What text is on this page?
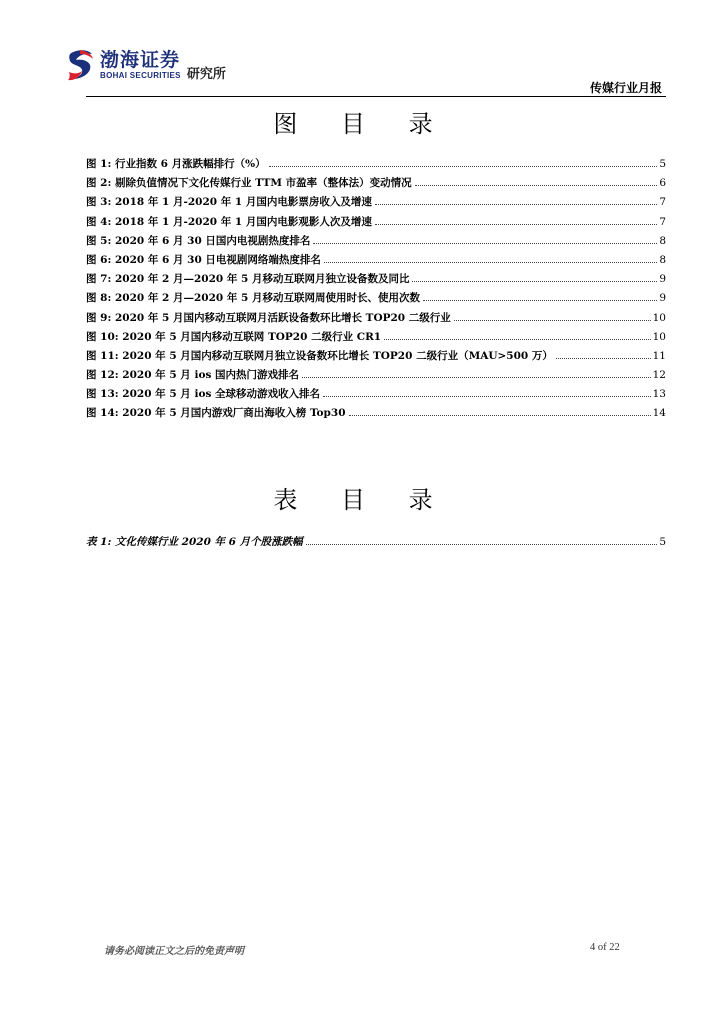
渤海证券
BOHAI SECURITIES 研究所
传媒行业月报
图 目 录
图 1: 行业指数 6 月涨跌幅排行（%）	5
图 2: 剔除负值情况下文化传媒行业 TTM 市盈率（整体法）变动情况	6
图 3: 2018 年 1 月-2020 年 1 月国内电影票房收入及增速	7
图 4: 2018 年 1 月-2020 年 1 月国内电影观影人次及增速	7
图 5: 2020 年 6 月 30 日国内电视剧热度排名	8
图 6: 2020 年 6 月 30 日电视剧网络端热度排名	8
图 7: 2020 年 2 月—2020 年 5 月移动互联网月独立设备数及同比	9
图 8: 2020 年 2 月—2020 年 5 月移动互联网周使用时长、使用次数	9
图 9: 2020 年 5 月国内移动互联网月活跃设备数环比增长 TOP20 二级行业	10
图 10: 2020 年 5 月国内移动互联网 TOP20 二级行业 CR1	10
图 11: 2020 年 5 月国内移动互联网月独立设备数环比增长 TOP20 二级行业（MAU>500 万）	11
图 12: 2020 年 5 月 ios 国内热门游戏排名	12
图 13: 2020 年 5 月 ios 全球移动游戏收入排名	13
图 14: 2020 年 5 月国内游戏厂商出海收入榜 Top30	14
表 目 录
表 1: 文化传媒行业 2020 年 6 月个股涨跌幅	5
请务必阅读正文之后的免责声明	4 of 22
